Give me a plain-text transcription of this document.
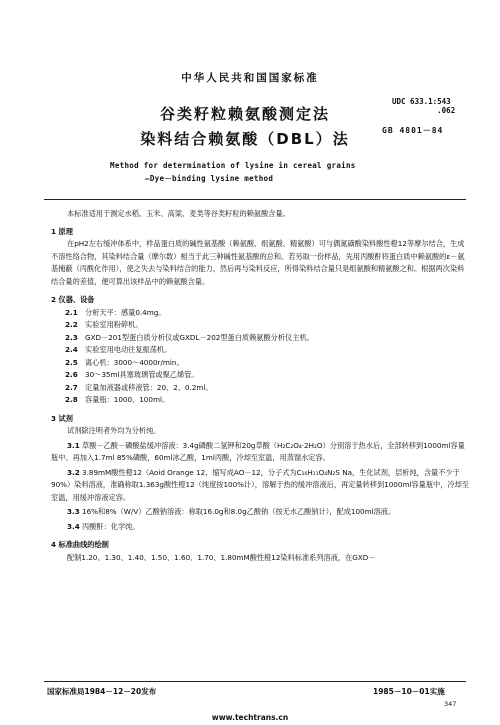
中华人民共和国国家标准
谷类籽粒赖氨酸测定法
染料结合赖氨酸（DBL）法
UDC 633.1:543
.062
GB 4801－84
Method for determination of lysine in cereal grains
—Dye－binding lysine method

本标准适用于测定水稻、玉米、高粱、麦类等谷类籽粒的赖氨酸含量。

1 原理

在pH2左右缓冲体系中，样品蛋白质的碱性氨基酸（赖氨酸、组氨酸、精氨酸）可与偶氮磺酸染料酸性橙12等摩尔结合，生成不溶性络合物，其染料结合量（摩尔数）相当于此三种碱性氨基酸的总和。若另取一份样品，先用丙酸酐将蛋白质中赖氨酸的ε－氨基掩蔽（丙酰化作用），使之失去与染料结合的能力，然后再与染料反应，所得染料结合量只是组氨酸和精氨酸之和。根据两次染料结合量的差值，便可算出该样品中的赖氨酸含量。

2 仪器、设备

2.1 分析天平：感量0.4mg。

2.2 实验室用粉碎机。

2.3 GXD－201型蛋白质分析仪或GXDL－202型蛋白质赖氨酸分析仪主机。

2.4 实验室用电动往复振荡机。

2.5 离心机：3000～4000r/min。

2.6 30～35ml具塞玻璃管或聚乙烯管。

2.7 定量加液器或移液管：20、2、0.2ml。

2.8 容量瓶：1000、100ml。

3 试剂

试剂除注明者外均为分析纯。

3.1 草酸－乙酸－磷酸盐缓冲溶液：3.4g磷酸二氢钾和20g草酸（H₂C₂O₄·2H₂O）分别溶于热水后，全部转移到1000ml容量瓶中。再加入1.7ml 85%磷酸，60ml冰乙酸，1ml丙酸，冷却至室温，用蒸馏水定容。

3.2 3.89mM酸性橙12（Aoid Orange 12，缩写成AO－12，分子式为C₁₆H₁₁O₄N₂S Na，生化试剂，层析纯，含量不少于90%）染料溶液，准确称取1.363g酸性橙12（纯度按100%计），溶解于热的缓冲溶液后，再定量转移到1000ml容量瓶中，冷却至室温，用缓冲溶液定容。

3.3 16%和8%（W/V）乙酸钠溶液：称取16.0g和8.0g乙酸钠（按无水乙酸钠计），配成100ml溶液。

3.4 丙酸酐：化学纯。

4 标准曲线的绘制

配制1.20、1.30、1.40、1.50、1.60、1.70、1.80mM酸性橙12染料标准系列溶液，在GXD－

国家标准局1984－12－20发布	1985－10－01实施
347
www.techtrans.cn
